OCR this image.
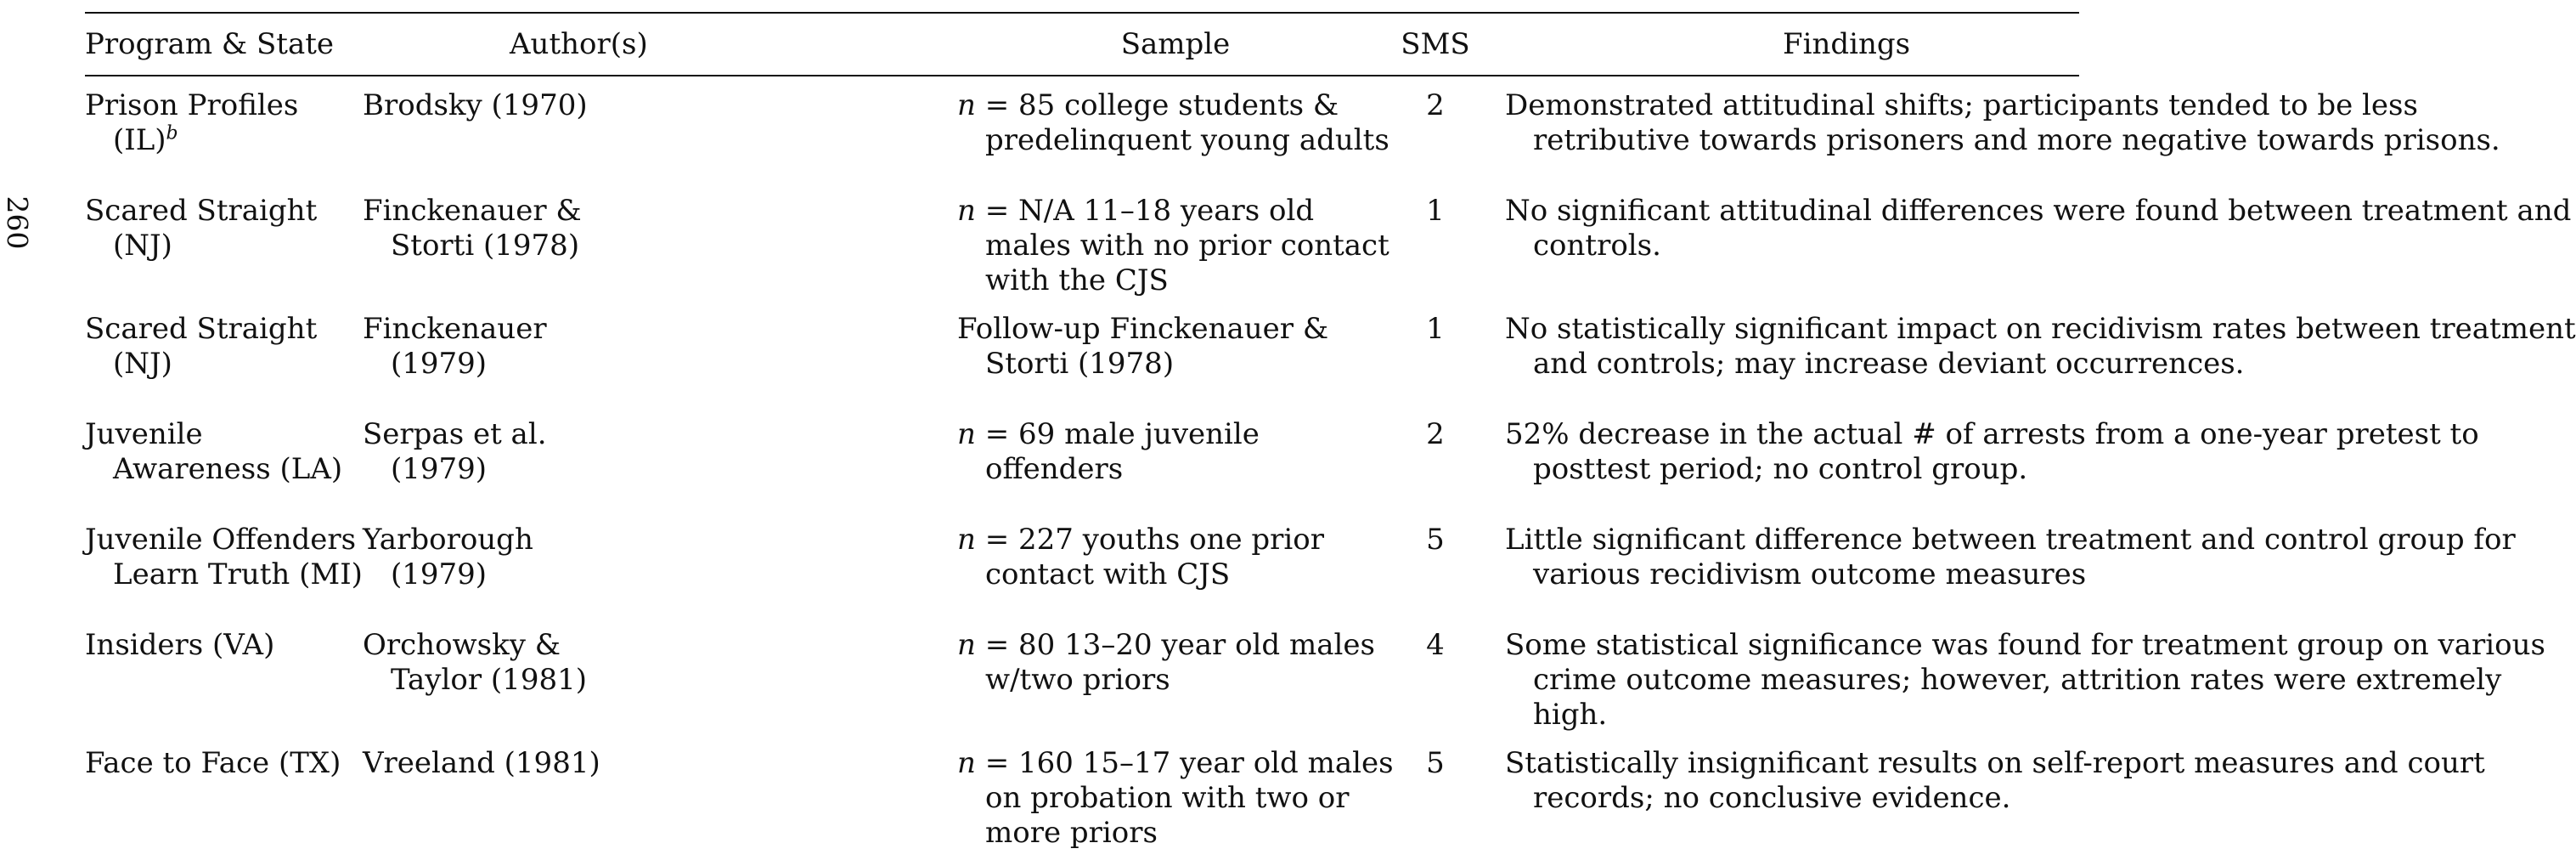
260
Program & State	Author(s)	Sample	SMS	Findings

Prison Profiles (IL)$^b$	Brodsky (1970)	n = 85 college students & predelinquent young adults	2	Demonstrated attitudinal shifts; participants tended to be less retributive towards prisoners and more negative towards prisons.

Scared Straight (NJ)	Finckenauer & Storti (1978)	n = N/A 11–18 years old males with no prior contact with the CJS	1	No significant attitudinal differences were found between treatment and controls.

Scared Straight (NJ)	Finckenauer (1979)	Follow-up Finckenauer & Storti (1978)	1	No statistically significant impact on recidivism rates between treatment and controls; may increase deviant occurrences.

Juvenile Awareness (LA)	Serpas et al. (1979)	n = 69 male juvenile offenders	2	52% decrease in the actual # of arrests from a one-year pretest to posttest period; no control group.

Juvenile Offenders Learn Truth (MI)	Yarborough (1979)	n = 227 youths one prior contact with CJS	5	Little significant difference between treatment and control group for various recidivism outcome measures

Insiders (VA)	Orchowsky & Taylor (1981)	n = 80 13–20 year old males w/two priors	4	Some statistical significance was found for treatment group on various crime outcome measures; however, attrition rates were extremely high.

Face to Face (TX)	Vreeland (1981)	n = 160 15–17 year old males on probation with two or more priors	5	Statistically insignificant results on self-report measures and court records; no conclusive evidence.
